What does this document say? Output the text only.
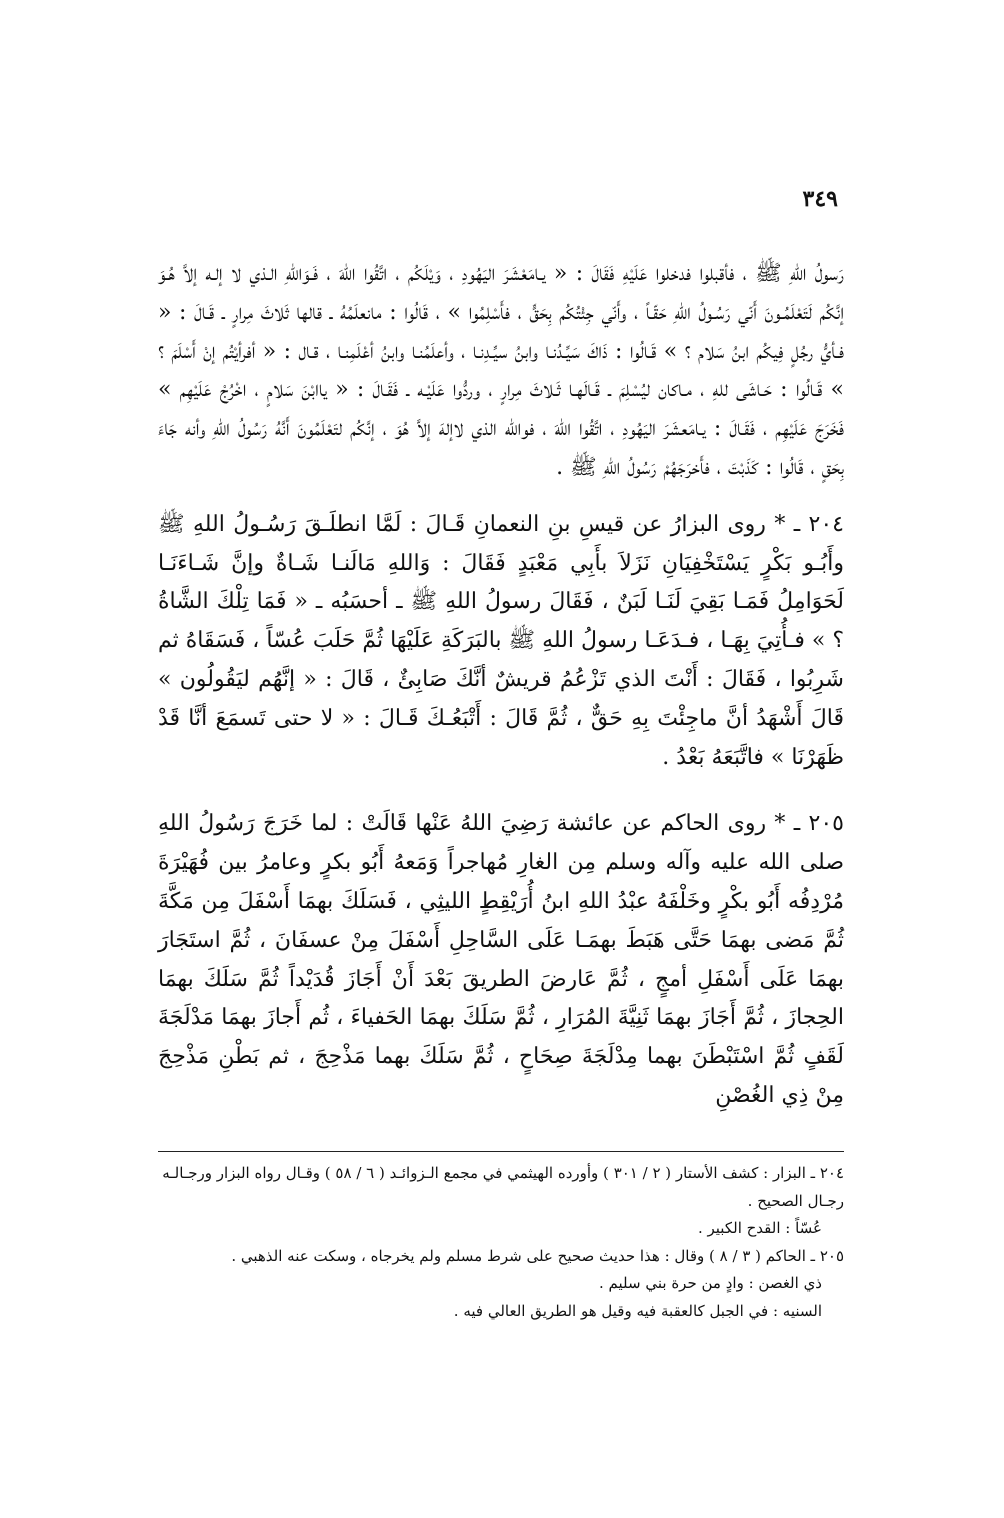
٣٤٩

رَسولُ اللهِ ﷺ ، فأقبلوا فدخلوا عَلَيْهِ فَقَالَ : « يـامَعْشَرَ اليَهُودِ ، وَيْلَكُم ، اتَّقُوا اللهَ ، فَـوَاللهِ الـذي لا إلـه إلاَّ هُـوَ إنَّكُم لَتَعْلَمُـونَ أَنّي رَسُـولُ اللهِ حَقّـاً ، وأَنّي جِئْتُكُم بِحَقٍّ ، فأَسْلِمُوا » ، قَالُوا : مانعلَمُهُ ـ قالها ثَلاثَ مِرارٍ ـ قَـالَ : « فـأيُّ رجُلٍ فِيكُم ابنُ سَلام ؟ » قَـالُوا : ذَاكَ سَيِّـدُنـا وابنُ سيِّـدِنـا ، وأعلَمُنـا وابنُ أعْلَمِنـا ، قـال : « أفرأيْتُم إنْ أَسْلَمَ ؟ » قَـالُوا : حَـاشَى للهِ ، مـاكان ليُسْلِمَ ـ قَـالَهـا ثَـلاثَ مِرارٍ ، وردُّوا عَلَيْـه ـ فَقَـالَ : « ياابْنَ سَلامٍ ، اخْرُجْ عَلَيْهِم » فَخَرَجَ عَلَيْهِم ، فَقَـالَ : يـامَعشَرَ اليَهُودِ ، اتَّقُوا اللهَ ، فوالله الذي لاإلهَ إلاَّ هُوَ ، إنَّكُم لتَعْلَمُونَ أَنَّهُ رَسُولُ اللهِ وأنه جَاءَ بِحَقٍ ، قَالُوا : كَذَبْتَ ، فأَخرَجَهُمْ رَسُولُ اللهِ ﷺ .

٢٠٤ ـ * روى البزارُ عن قيسِ بنِ النعمانِ قَـالَ : لَمَّا انطلَـقَ رَسُـولُ اللهِ ﷺ وأَبُـو بَكْرٍ يَسْتَخْفِيَانِ نَزَلاَ بأَبِي مَعْبَدٍ فَقَالَ : وَاللهِ مَالَنـا شَـاةٌ وإنَّ شَـاءَنَـا لَحَوَامِلُ فَمَـا بَقِيَ لَنَـا لَبَنٌ ، فَقَالَ رسولُ اللهِ ﷺ ـ أحسَبُه ـ « فَمَا تِلْكَ الشَّاةُ ؟ » فـأُتِيَ بِهَـا ، فـدَعَـا رسولُ اللهِ ﷺ بالبَرَكَةِ عَلَيْهَا ثُمَّ حَلَبَ عُسّاً ، فَسَقَاهُ ثم شَرِبُوا ، فَقَالَ : أَنْتَ الذي تَزْعُمُ قريشٌ أنَّكَ صَابِئٌ ، قَالَ : « إنَّهُم ليَقُولُون » قَالَ أَشْهَدُ أنَّ ماجِئْتَ بِهِ حَقٌّ ، ثُمَّ قَالَ : أَتْبَعُـكَ قَـالَ : « لا حتى تَسمَعَ أنَّا قَدْ ظَهَرْنَا » فاتَّبَعَهُ بَعْدُ .

٢٠٥ ـ * روى الحاكم عن عائشة رَضِيَ اللهُ عَنْها قَالَتْ : لما خَرَجَ رَسُولُ اللهِ صلى الله عليه وآله وسلم مِن الغارِ مُهاجراً وَمَعهُ أَبُو بكرٍ وعامرُ بين فُهَيْرَةَ مُرْدِفُه أَبُو بكْرٍ وخَلْفَهُ عبْدُ اللهِ ابنُ أُرَيْقِطٍ الليثِي ، فَسَلَكَ بهمَا أَسْفَلَ مِن مَكَّةَ ثُمَّ مَضى بهمَا حَتَّى هَبَطَ بهمَـا عَلَى السَّاحِلِ أَسْفَلَ مِنْ عسفَانَ ، ثُمَّ استَجَارَ بهمَا عَلَى أَسْفَلِ أمجٍ ، ثُمَّ عَارضَ الطريقَ بَعْدَ أَنْ أَجَازَ قُدَيْداً ثُمَّ سَلَكَ بهمَا الحِجازَ ، ثُمَّ أَجَازَ بهمَا ثَنِيَّةَ المُرَارِ ، ثُمَّ سَلَكَ بهمَا الحَفياءَ ، ثُم أَجازَ بهمَا مَدْلَجَةَ لَقَفٍ ثُمَّ اسْتَبْطَنَ بهما مِدْلَجَةَ صِحَاحٍ ، ثُمَّ سَلَكَ بهما مَذْحِجَ ، ثم بَطْنِ مَذْحِجَ مِنْ ذِي الغُصْنِ

٢٠٤ ـ البزار : كشف الأستار ( ٢ / ٣٠١ ) وأورده الهيثمي في مجمع الـزوائـد ( ٦ / ٥٨ ) وقـال رواه البزار ورجـالـه رجـال الصحيح .

عُسّاً : القدح الكبير .

٢٠٥ ـ الحاكم ( ٣ / ٨ ) وقال : هذا حديث صحيح على شرط مسلم ولم يخرجاه ، وسكت عنه الذهبي .

ذي الغصن : وادٍ من حرة بني سليم .

السنيه : في الجبل كالعقبة فيه وقيل هو الطريق العالي فيه .
